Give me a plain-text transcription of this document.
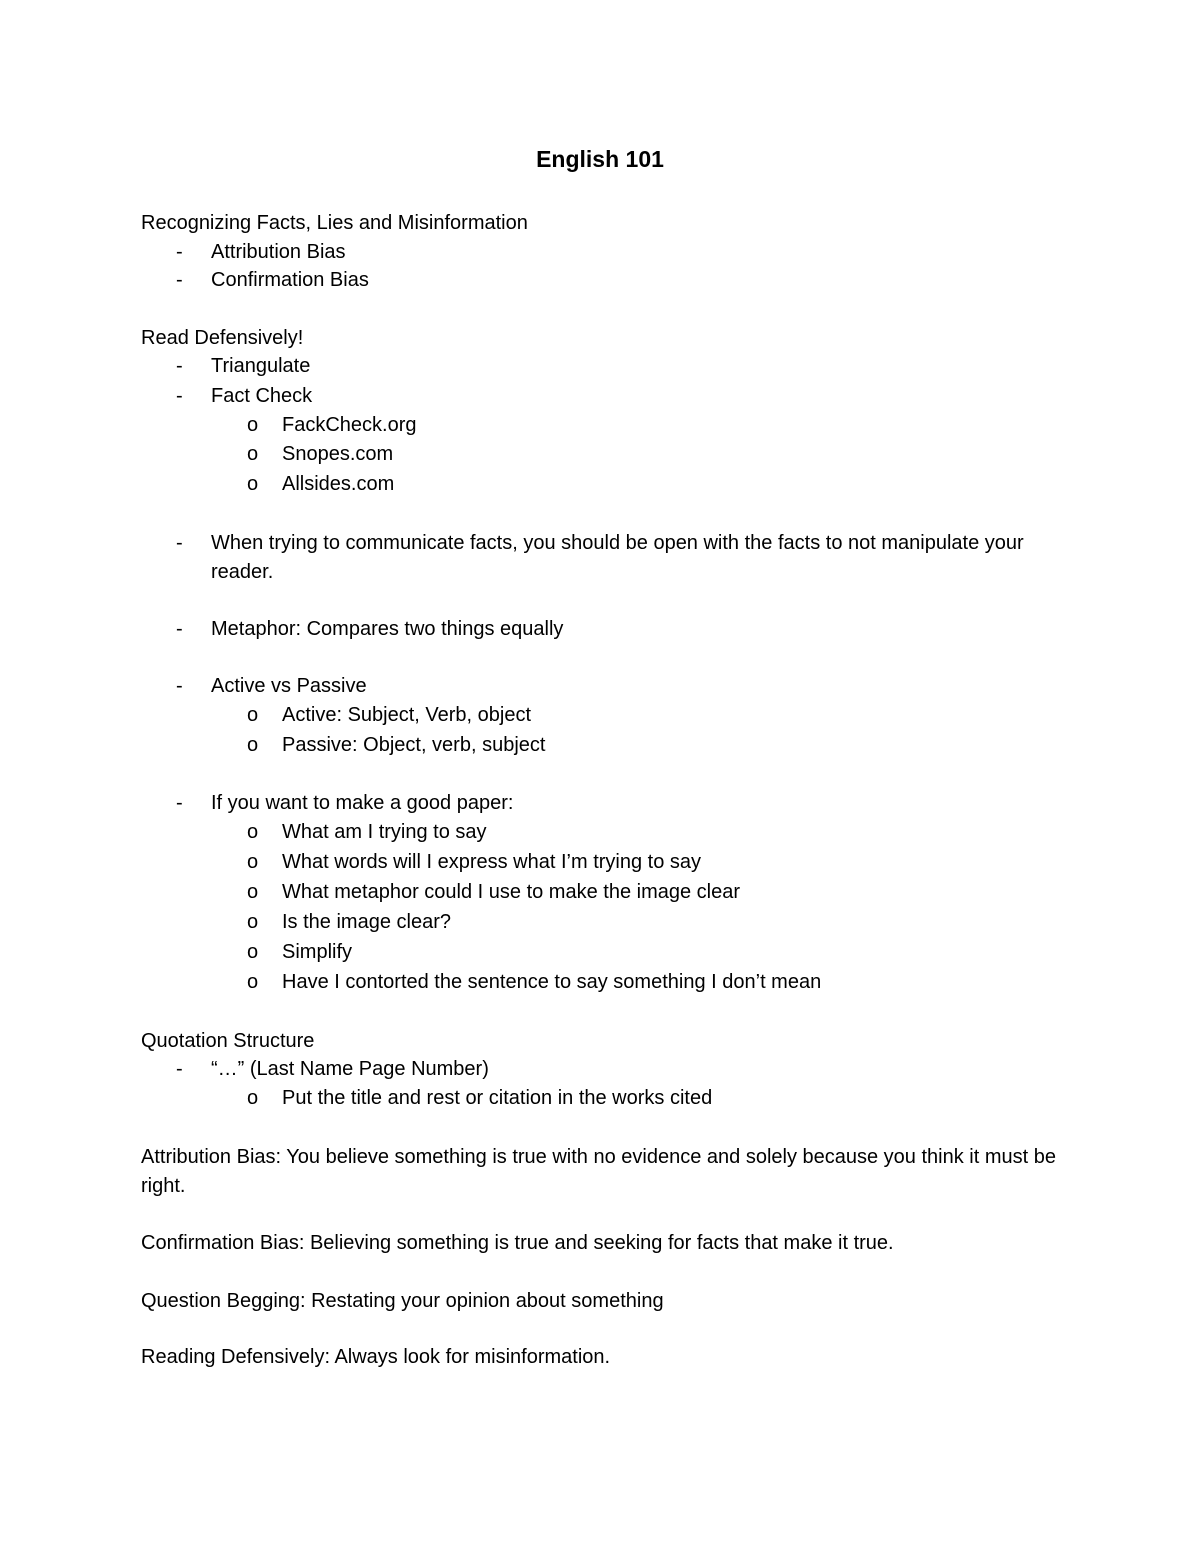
English 101
Recognizing Facts, Lies and Misinformation
- Attribution Bias
- Confirmation Bias
Read Defensively!
- Triangulate
- Fact Check
o FackCheck.org
o Snopes.com
o Allsides.com
- When trying to communicate facts, you should be open with the facts to not manipulate your reader.
- Metaphor: Compares two things equally
- Active vs Passive
o Active: Subject, Verb, object
o Passive: Object, verb, subject
- If you want to make a good paper:
o What am I trying to say
o What words will I express what I’m trying to say
o What metaphor could I use to make the image clear
o Is the image clear?
o Simplify
o Have I contorted the sentence to say something I don’t mean
Quotation Structure
- “…” (Last Name Page Number)
o Put the title and rest or citation in the works cited
Attribution Bias: You believe something is true with no evidence and solely because you think it must be right.
Confirmation Bias: Believing something is true and seeking for facts that make it true.
Question Begging: Restating your opinion about something
Reading Defensively: Always look for misinformation.
